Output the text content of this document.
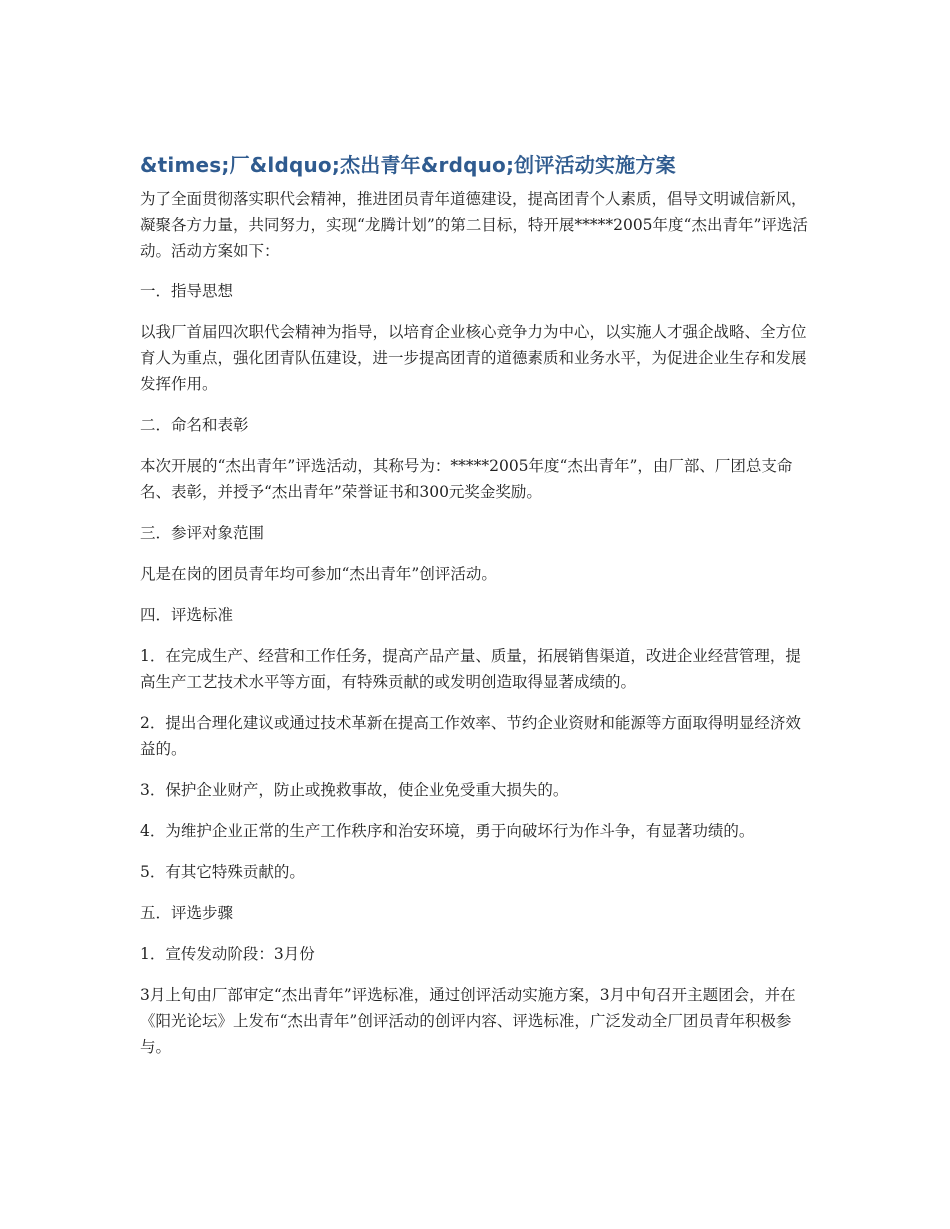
&times;厂&ldquo;杰出青年&rdquo;创评活动实施方案

为了全面贯彻落实职代会精神，推进团员青年道德建设，提高团青个人素质，倡导文明诚信新风，凝聚各方力量，共同努力，实现“龙腾计划”的第二目标，特开展*****2005年度“杰出青年”评选活动。活动方案如下：

一．指导思想

以我厂首届四次职代会精神为指导，以培育企业核心竞争力为中心，以实施人才强企战略、全方位育人为重点，强化团青队伍建设，进一步提高团青的道德素质和业务水平，为促进企业生存和发展发挥作用。

二．命名和表彰

本次开展的“杰出青年”评选活动，其称号为：*****2005年度“杰出青年”，由厂部、厂团总支命名、表彰，并授予“杰出青年”荣誉证书和300元奖金奖励。

三．参评对象范围

凡是在岗的团员青年均可参加“杰出青年”创评活动。

四．评选标准

1．在完成生产、经营和工作任务，提高产品产量、质量，拓展销售渠道，改进企业经营管理，提高生产工艺技术水平等方面，有特殊贡献的或发明创造取得显著成绩的。

2．提出合理化建议或通过技术革新在提高工作效率、节约企业资财和能源等方面取得明显经济效益的。

3．保护企业财产，防止或挽救事故，使企业免受重大损失的。

4．为维护企业正常的生产工作秩序和治安环境，勇于向破坏行为作斗争，有显著功绩的。

5．有其它特殊贡献的。

五．评选步骤

1．宣传发动阶段：3月份

3月上旬由厂部审定“杰出青年”评选标准，通过创评活动实施方案，3月中旬召开主题团会，并在《阳光论坛》上发布“杰出青年”创评活动的创评内容、评选标准，广泛发动全厂团员青年积极参与。
